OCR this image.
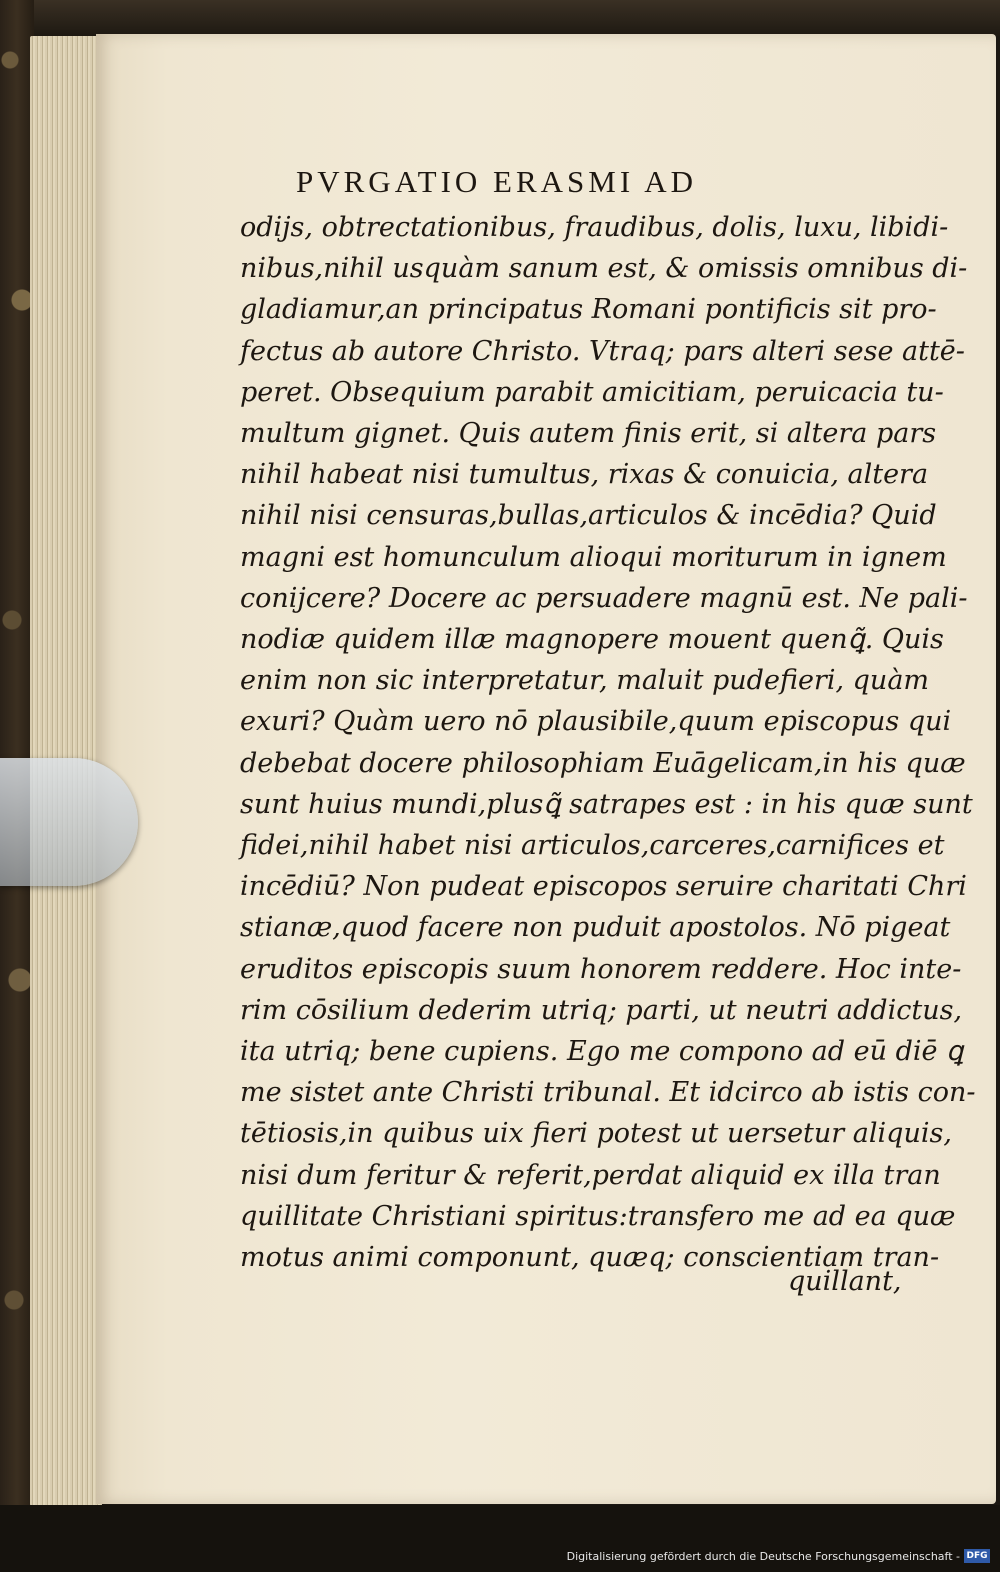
PVRGATIO ERASMI AD
odijs, obtrectationibus, fraudibus, dolis, luxu, libidi-
nibus,nihil usquàm sanum est, & omissis omnibus di-
gladiamur,an principatus Romani pontificis sit pro-
fectus ab autore Christo. Vtraq; pars alteri sese attē-
peret. Obsequium parabit amicitiam, peruicacia tu-
multum gignet. Quis autem finis erit, si altera pars
nihil habeat nisi tumultus, rixas & conuicia, altera
nihil nisi censuras,bullas,articulos & incēdia? Quid
magni est homunculum alioqui moriturum in ignem
conijcere? Docere ac persuadere magnū est. Ne pali-
nodiæ quidem illæ magnopere mouent quenꝗ̃. Quis
enim non sic interpretatur, maluit pudefieri, quàm
exuri? Quàm uero nō plausibile,quum episcopus qui
debebat docere philosophiam Euāgelicam,in his quæ
sunt huius mundi,plusꝗ̃ satrapes est : in his quæ sunt
fidei,nihil habet nisi articulos,carceres,carnifices et
incēdiū? Non pudeat episcopos seruire charitati Chri
stianæ,quod facere non puduit apostolos. Nō pigeat
eruditos episcopis suum honorem reddere. Hoc inte-
rim cōsilium dederim utriq; parti, ut neutri addictus,
ita utriq; bene cupiens. Ego me compono ad eū diē ꝗ
me sistet ante Christi tribunal. Et idcirco ab istis con-
tētiosis,in quibus uix fieri potest ut uersetur aliquis,
nisi dum feritur & referit,perdat aliquid ex illa tran
quillitate Christiani spiritus:transfero me ad ea quæ
motus animi componunt, quæq; conscientiam tran-
quillant,
Digitalisierung gefördert durch die Deutsche Forschungsgemeinschaft - DFG
